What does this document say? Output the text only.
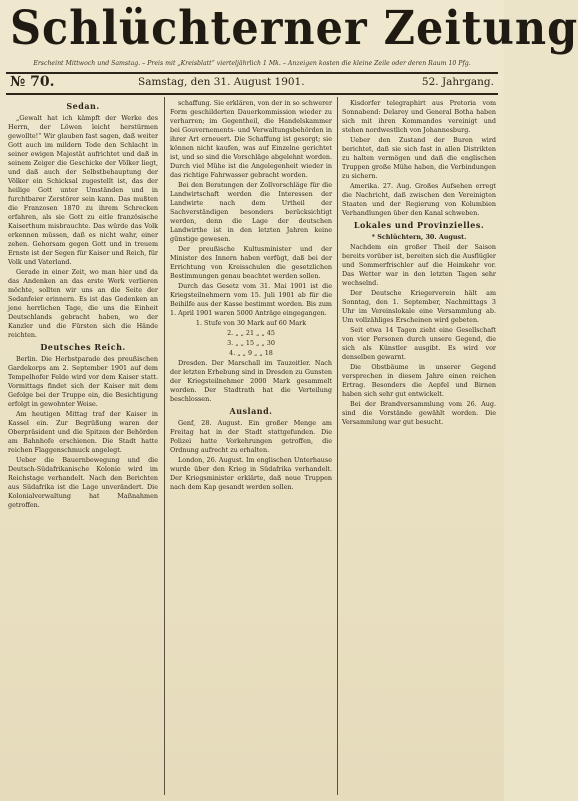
Schlüchterner Zeitung
Erscheint Mittwoch und Samstag. – Preis mit „Kreisblatt“ vierteljährlich 1 Mk. – Anzeigen kosten die kleine Zeile oder deren Raum 10 Pfg.
№ 70.	Samstag, den 31. August 1901.	52. Jahrgang.
Sedan.

„Gewalt hat ich kämpft der Werke des Herrn, der Löwen leicht herstürmen gewollte!“ Wir glauben fast sagen, daß weiter Gott auch im mildern Tode den Schlacht in seiner ewigen Majestät aufrichtet und daß in seinem Zeiger die Geschicke der Völker liegt, und daß auch der Selbstbehauptung der Völker ein Schicksal zugestellt ist, das der heilige Gott unter Umständen und in furchtbarer Zerstörer sein kann. Das mußten die Franzosen 1870 zu ihrem Schrecken erfahren, als sie Gott zu eitle französische Kaiserthum misbrauchte. Das würde das Volk erkennen müssen, daß es nicht wahr, einer zehen. Gehorsam gegen Gott und in treuem Ernste ist der Segen für Kaiser und Reich, für Volk und Vaterland.

Gerade in einer Zeit, wo man hier und da das Andenken an das erste Werk verlieren möchte, sollten wir uns an die Seite der Sedanfeier erinnern. Es ist das Gedenken an jene herrlichen Tage, die uns die Einheit Deutschlands gebracht haben, wo der Kanzler und die Fürsten sich die Hände reichten.

Deutsches Reich.

Berlin. Die Herbstparade des preußischen Gardekorps am 2. September 1901 auf dem Tempelhofer Felde wird vor dem Kaiser statt. Vormittags findet sich der Kaiser mit dem Gefolge bei der Truppe ein, die Besichtigung erfolgt in gewohnter Weise.

Am heutigen Mittag traf der Kaiser in Kassel ein. Zur Begrüßung waren der Oberpräsident und die Spitzen der Behörden am Bahnhofe erschienen. Die Stadt hatte reichen Flaggenschmuck angelegt.

Ueber die Bauernbewegung und die Deutsch-Südafrikanische Kolonie wird im Reichstage verhandelt. Nach den Berichten aus Südafrika ist die Lage unverändert. Die Kolonialverwaltung hat Maßnahmen getroffen.

schaffung. Sie erklären, von der in so schwerer Form geschilderten Dauerkommission wieder zu verharren; im Gegentheil, die Handelskammer bei Gouvernements- und Verwaltungsbehörden in ihrer Art erneuert. Die Schaffung ist gesorgt; sie können nicht kaufen, was auf Einzelne gerichtet ist, und so sind die Vorschläge abgelehnt worden. Durch viel Mühe ist die Angelegenheit wieder in das richtige Fahrwasser gebracht worden.

Bei den Beratungen der Zollvorschläge für die Landwirtschaft werden die Interessen der Landwirte nach dem Urtheil der Sachverständigen besonders berücksichtigt werden, denn die Lage der deutschen Landwirthe ist in den letzten Jahren keine günstige gewesen.

Der preußische Kultusminister und der Minister des Innern haben verfügt, daß bei der Errichtung von Kreisschulen die gesetzlichen Bestimmungen genau beachtet werden sollen.

Durch das Gesetz vom 31. Mai 1901 ist die Kriegsteilnehmern vom 15. Juli 1901 ab für die Beihilfe aus der Kasse bestimmt worden. Bis zum 1. April 1901 waren 5000 Anträge eingegangen.

1. Stufe von 30 Mark auf 60 Mark

2. „ „ 21 „ „ 45

3. „ „ 15 „ „ 30

4. „ „ 9 „ „ 18

Dresden. Der Marschall im Tauzeitler. Nach der letzten Erhebung sind in Dresden zu Gunsten der Kriegsteilnehmer 2000 Mark gesammelt worden. Der Stadtrath hat die Verteilung beschlossen.

Ausland.

Genf, 28. August. Ein großer Menge am Freitag hat in der Stadt stattgefunden. Die Polizei hatte Vorkehrungen getroffen, die Ordnung aufrecht zu erhalten.

London, 26. August. Im englischen Unterhause wurde über den Krieg in Südafrika verhandelt. Der Kriegsminister erklärte, daß neue Truppen nach dem Kap gesandt werden sollen.

Kisdorfer telegraphirt aus Pretoria vom Sonnabend: Delarey und General Botha haben sich mit ihren Kommandos vereinigt und stehen nordwestlich von Johannesburg.

Ueber den Zustand der Buren wird berichtet, daß sie sich fast in allen Distrikten zu halten vermögen und daß die englischen Truppen große Mühe haben, die Verbindungen zu sichern.

Amerika. 27. Aug. Großes Aufsehen erregt die Nachricht, daß zwischen den Vereinigten Staaten und der Regierung von Kolumbien Verhandlungen über den Kanal schweben.

Lokales und Provinzielles.

* Schlüchtern, 30. August.

Nachdem ein großer Theil der Saison bereits vorüber ist, bereiten sich die Ausflügler und Sommerfrischler auf die Heimkehr vor. Das Wetter war in den letzten Tagen sehr wechselnd.

Der Deutsche Kriegerverein hält am Sonntag, den 1. September, Nachmittags 3 Uhr im Vereinslokale eine Versammlung ab. Um vollzähliges Erscheinen wird gebeten.

Seit etwa 14 Tagen zieht eine Gesellschaft von vier Personen durch unsere Gegend, die sich als Künstler ausgibt. Es wird vor denselben gewarnt.

Die Obstbäume in unserer Gegend versprechen in diesem Jahre einen reichen Ertrag. Besonders die Aepfel und Birnen haben sich sehr gut entwickelt.

Bei der Brandversammlung vom 26. Aug. sind die Vorstände gewählt worden. Die Versammlung war gut besucht.
